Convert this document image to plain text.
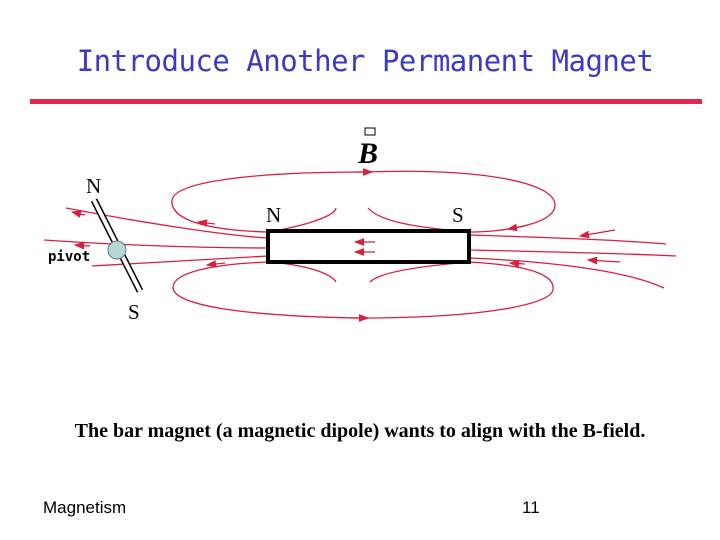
Introduce Another Permanent Magnet
B
N	S
N
S
pivot
The bar magnet (a magnetic dipole) wants to align with the B-field.
Magnetism	11
